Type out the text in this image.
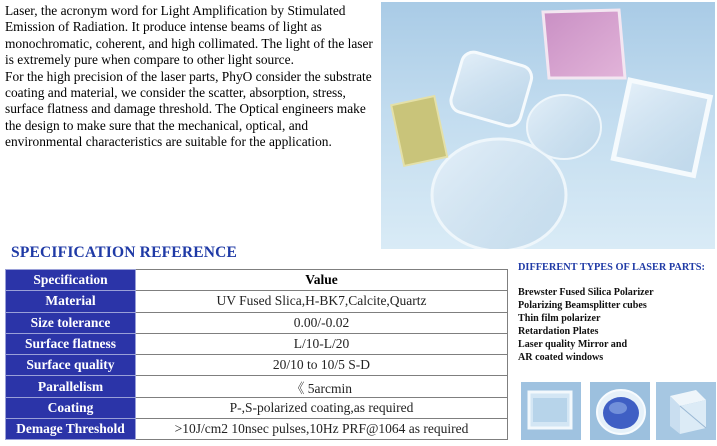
Laser, the acronym word for Light Amplification by Stimulated Emission of Radiation. It produce intense beams of light as monochromatic, coherent, and high collimated. The light of the laser is extremely pure when compare to other light source.

For the high precision of the laser parts, PhyO consider the substrate coating and material, we consider the scatter, absorption, stress, surface flatness and damage threshold. The Optical engineers make the design to make sure that the mechanical, optical, and environmental characteristics are suitable for the application.

SPECIFICATION REFERENCE
Specification	Value
Material	UV Fused Slica,H-BK7,Calcite,Quartz
Size tolerance	0.00/-0.02
Surface flatness	L/10-L/20
Surface quality	20/10 to 10/5 S-D
Parallelism	《 5arcmin
Coating	P-,S-polarized coating,as required
Demage Threshold	>10J/cm2 10nsec pulses,10Hz PRF@1064 as required
DIFFERENT TYPES OF LASER PARTS:
Brewster Fused Silica Polarizer
Polarizing Beamsplitter cubes
Thin film polarizer
Retardation Plates
Laser quality Mirror and
AR coated windows
